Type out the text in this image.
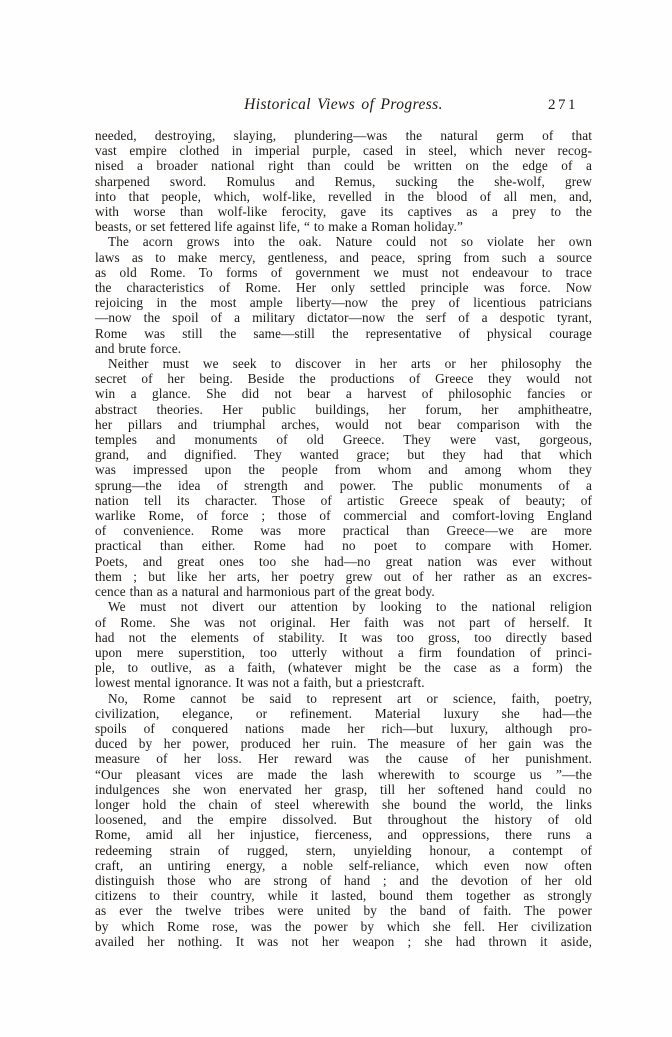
Historical Views of Progress.	271
needed, destroying, slaying, plundering—was the natural germ of that
vast empire clothed in imperial purple, cased in steel, which never recog-
nised a broader national right than could be written on the edge of a
sharpened sword. Romulus and Remus, sucking the she-wolf, grew
into that people, which, wolf-like, revelled in the blood of all men, and,
with worse than wolf-like ferocity, gave its captives as a prey to the
beasts, or set fettered life against life, “ to make a Roman holiday.”
The acorn grows into the oak. Nature could not so violate her own
laws as to make mercy, gentleness, and peace, spring from such a source
as old Rome. To forms of government we must not endeavour to trace
the characteristics of Rome. Her only settled principle was force. Now
rejoicing in the most ample liberty—now the prey of licentious patricians
—now the spoil of a military dictator—now the serf of a despotic tyrant,
Rome was still the same—still the representative of physical courage
and brute force.
Neither must we seek to discover in her arts or her philosophy the
secret of her being. Beside the productions of Greece they would not
win a glance. She did not bear a harvest of philosophic fancies or
abstract theories. Her public buildings, her forum, her amphitheatre,
her pillars and triumphal arches, would not bear comparison with the
temples and monuments of old Greece. They were vast, gorgeous,
grand, and dignified. They wanted grace; but they had that which
was impressed upon the people from whom and among whom they
sprung—the idea of strength and power. The public monuments of a
nation tell its character. Those of artistic Greece speak of beauty; of
warlike Rome, of force ; those of commercial and comfort-loving England
of convenience. Rome was more practical than Greece—we are more
practical than either. Rome had no poet to compare with Homer.
Poets, and great ones too she had—no great nation was ever without
them ; but like her arts, her poetry grew out of her rather as an excres-
cence than as a natural and harmonious part of the great body.
We must not divert our attention by looking to the national religion
of Rome. She was not original. Her faith was not part of herself. It
had not the elements of stability. It was too gross, too directly based
upon mere superstition, too utterly without a firm foundation of princi-
ple, to outlive, as a faith, (whatever might be the case as a form) the
lowest mental ignorance. It was not a faith, but a priestcraft.
No, Rome cannot be said to represent art or science, faith, poetry,
civilization, elegance, or refinement. Material luxury she had—the
spoils of conquered nations made her rich—but luxury, although pro-
duced by her power, produced her ruin. The measure of her gain was the
measure of her loss. Her reward was the cause of her punishment.
“Our pleasant vices are made the lash wherewith to scourge us ”—the
indulgences she won enervated her grasp, till her softened hand could no
longer hold the chain of steel wherewith she bound the world, the links
loosened, and the empire dissolved. But throughout the history of old
Rome, amid all her injustice, fierceness, and oppressions, there runs a
redeeming strain of rugged, stern, unyielding honour, a contempt of
craft, an untiring energy, a noble self-reliance, which even now often
distinguish those who are strong of hand ; and the devotion of her old
citizens to their country, while it lasted, bound them together as strongly
as ever the twelve tribes were united by the band of faith. The power
by which Rome rose, was the power by which she fell. Her civilization
availed her nothing. It was not her weapon ; she had thrown it aside,
